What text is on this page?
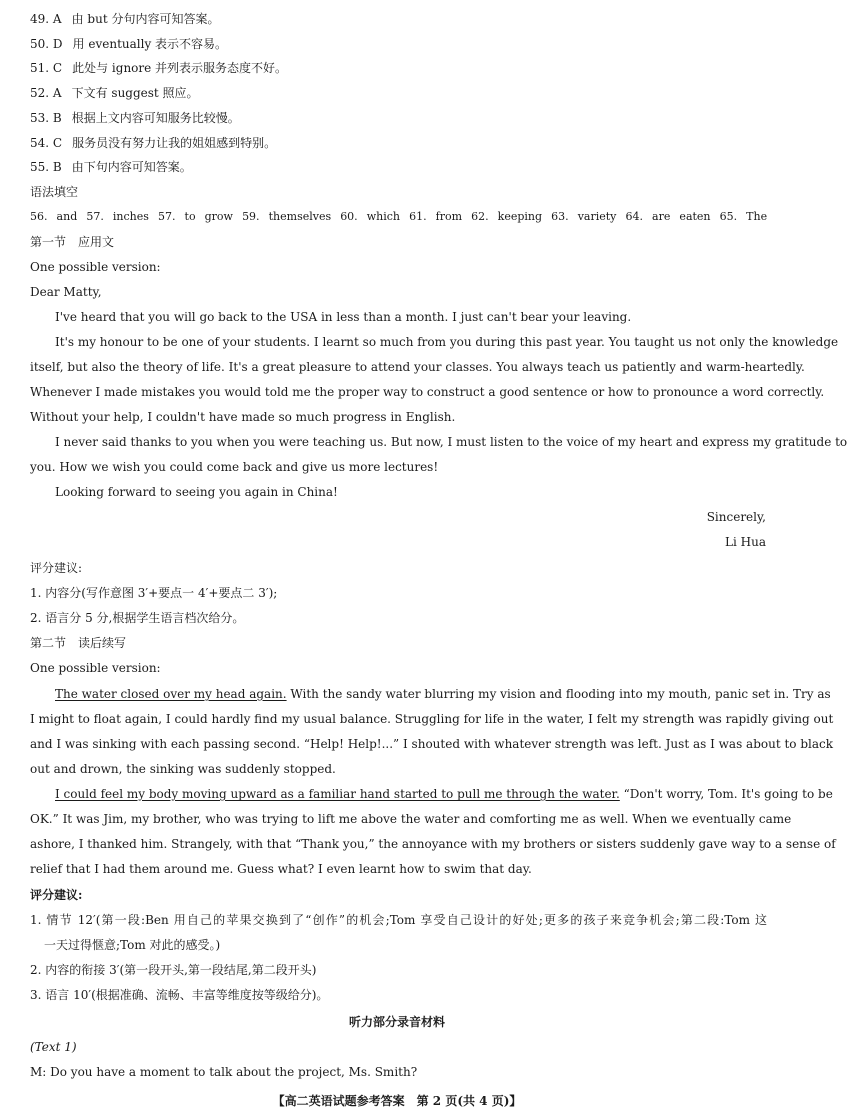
49. A 由 but 分句内容可知答案。
50. D 用 eventually 表示不容易。
51. C 此处与 ignore 并列表示服务态度不好。
52. A 下文有 suggest 照应。
53. B 根据上文内容可知服务比较慢。
54. C 服务员没有努力让我的姐姐感到特别。
55. B 由下句内容可知答案。
语法填空
56. and 57. inches 57. to grow 59. themselves 60. which 61. from 62. keeping 63. variety 64. are eaten 65. The
第一节　应用文
One possible version:
Dear Matty,
I've heard that you will go back to the USA in less than a month. I just can't bear your leaving.
It's my honour to be one of your students. I learnt so much from you during this past year. You taught us not only the knowledge
itself, but also the theory of life. It's a great pleasure to attend your classes. You always teach us patiently and warm-heartedly.
Whenever I made mistakes you would told me the proper way to construct a good sentence or how to pronounce a word correctly.
Without your help, I couldn't have made so much progress in English.
I never said thanks to you when you were teaching us. But now, I must listen to the voice of my heart and express my gratitude to
you. How we wish you could come back and give us more lectures!
Looking forward to seeing you again in China!
Sincerely,
Li Hua
评分建议:
1. 内容分(写作意图 3′+要点一 4′+要点二 3′);
2. 语言分 5 分,根据学生语言档次给分。
第二节　读后续写
One possible version:
The water closed over my head again. With the sandy water blurring my vision and flooding into my mouth, panic set in. Try as
I might to float again, I could hardly find my usual balance. Struggling for life in the water, I felt my strength was rapidly giving out
and I was sinking with each passing second. “Help! Help!...” I shouted with whatever strength was left. Just as I was about to black
out and drown, the sinking was suddenly stopped.
I could feel my body moving upward as a familiar hand started to pull me through the water. “Don't worry, Tom. It's going to be
OK.” It was Jim, my brother, who was trying to lift me above the water and comforting me as well. When we eventually came
ashore, I thanked him. Strangely, with that “Thank you,” the annoyance with my brothers or sisters suddenly gave way to a sense of
relief that I had them around me. Guess what? I even learnt how to swim that day.
评分建议:
1. 情节 12′(第一段:Ben 用自己的苹果交换到了“创作”的机会;Tom 享受自己设计的好处;更多的孩子来竞争机会;第二段:Tom 这
一天过得惬意;Tom 对此的感受。)
2. 内容的衔接 3′(第一段开头,第一段结尾,第二段开头)
3. 语言 10′(根据准确、流畅、丰富等维度按等级给分)。
听力部分录音材料
(Text 1)
M: Do you have a moment to talk about the project, Ms. Smith?
【高二英语试题参考答案　第 2 页(共 4 页)】
